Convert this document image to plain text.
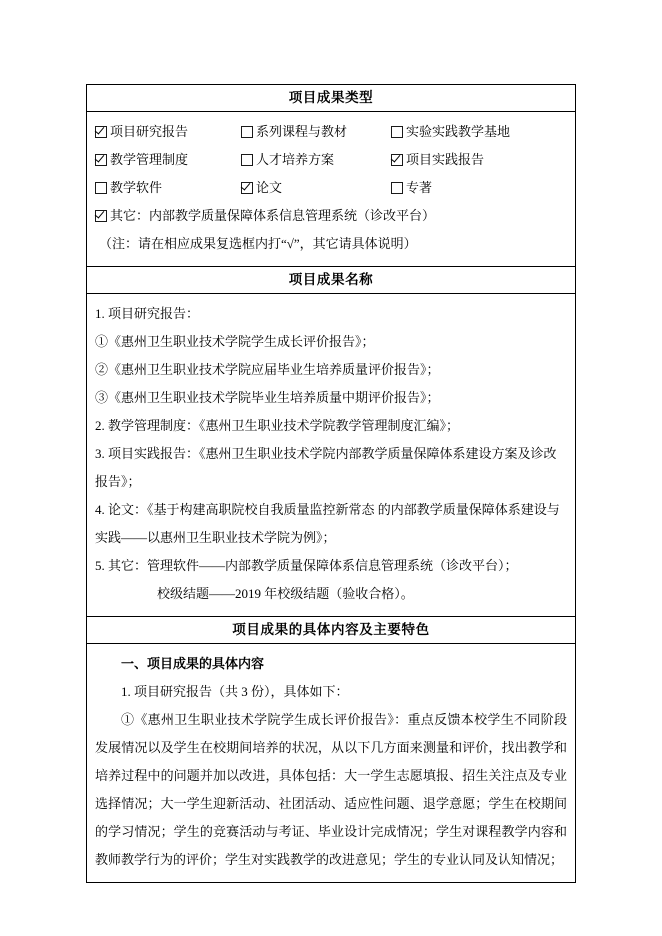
项目成果类型

项目研究报告	系列课程与教材	实验实践教学基地
教学管理制度	人才培养方案	项目实践报告
教学软件	论文	专著
其它：内部教学质量保障体系信息管理系统（诊改平台）
（注：请在相应成果复选框内打“√”，其它请具体说明）

项目成果名称

1. 项目研究报告：
①《惠州卫生职业技术学院学生成长评价报告》；
②《惠州卫生职业技术学院应届毕业生培养质量评价报告》；
③《惠州卫生职业技术学院毕业生培养质量中期评价报告》；
2. 教学管理制度：《惠州卫生职业技术学院教学管理制度汇编》；
3. 项目实践报告：《惠州卫生职业技术学院内部教学质量保障体系建设方案及诊改
报告》；
4. 论文：《基于构建高职院校自我质量监控新常态 的内部教学质量保障体系建设与
实践——以惠州卫生职业技术学院为例》；
5. 其它：管理软件——内部教学质量保障体系信息管理系统（诊改平台）；
校级结题——2019 年校级结题（验收合格）。

项目成果的具体内容及主要特色

一、项目成果的具体内容
1. 项目研究报告（共 3 份），具体如下：
①《惠州卫生职业技术学院学生成长评价报告》：重点反馈本校学生不同阶段发展情况以及学生在校期间培养的状况，从以下几方面来测量和评价，找出教学和培养过程中的问题并加以改进，具体包括：大一学生志愿填报、招生关注点及专业选择情况；大一学生迎新活动、社团活动、适应性问题、退学意愿；学生在校期间的学习情况；学生的竞赛活动与考证、毕业设计完成情况；学生对课程教学内容和教师教学行为的评价；学生对实践教学的改进意见；学生的专业认同及认知情况；
